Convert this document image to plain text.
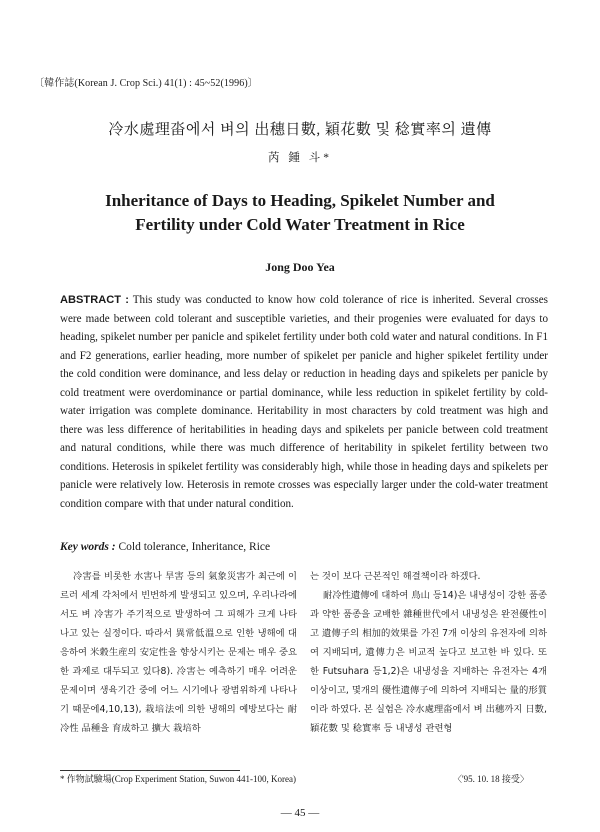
〔韓作誌(Korean J. Crop Sci.) 41(1) : 45~52(1996)〕
冷水處理畓에서 벼의 出穗日數, 穎花數 및 稔實率의 遺傳
芮 鍾 斗*
Inheritance of Days to Heading, Spikelet Number and
Fertility under Cold Water Treatment in Rice
Jong Doo Yea
ABSTRACT : This study was conducted to know how cold tolerance of rice is inherited. Several crosses were made between cold tolerant and susceptible varieties, and their progenies were evaluated for days to heading, spikelet number per panicle and spikelet fertility under both cold water and natural conditions. In F1 and F2 generations, earlier heading, more number of spikelet per panicle and higher spikelet fertility under the cold condition were dominance, and less delay or reduction in heading days and spikelets per panicle by cold treatment were overdominance or partial dominance, while less reduction in spikelet fertility by cold-water irrigation was complete dominance. Heritability in most characters by cold treatment was high and there was less difference of heritabilities in heading days and spikelets per panicle between cold treatment and natural conditions, while there was much difference of heritability in spikelet fertility between two conditions. Heterosis in spikelet fertility was considerably high, while those in heading days and spikelets per panicle were relatively low. Heterosis in remote crosses was especially larger under the cold-water treatment condition compare with that under natural condition.
Key words : Cold tolerance, Inheritance, Rice

冷害를 비롯한 水害나 旱害 등의 氣象災害가 최근에 이르러 세계 각처에서 빈번하게 발생되고 있으며, 우리나라에서도 벼 冷害가 주기적으로 발생하여 그 피해가 크게 나타나고 있는 실정이다. 따라서 異常低溫으로 인한 냉해에 대응하여 米穀生産의 安定性을 향상시키는 문제는 매우 중요한 과제로 대두되고 있다8). 冷害는 예측하기 매우 어려운 문제이며 생육기간 중에 어느 시기에나 광범위하게 나타나기 때문에4,10,13), 栽培法에 의한 냉해의 예방보다는 耐冷性 品種을 育成하고 擴大 栽培하

는 것이 보다 근본적인 해결책이라 하겠다.

耐冷性遺傳에 대하여 鳥山 등14)은 내냉성이 강한 품종과 약한 품종을 교배한 雜種世代에서 내냉성은 완전優性이고 遺傳子의 相加的效果를 가진 7개 이상의 유전자에 의하여 지배되며, 遺傳力은 비교적 높다고 보고한 바 있다. 또한 Futsuhara 등1,2)은 내냉성을 지배하는 유전자는 4개 이상이고, 몇개의 優性遺傳子에 의하여 지배되는 量的形質이라 하였다. 본 실험은 冷水處理畓에서 벼 出穗까지 日數, 穎花數 및 稔實率 등 내냉성 관련형

* 作物試驗場(Crop Experiment Station, Suwon 441-100, Korea)	〈'95. 10. 18 接受〉
— 45 —
